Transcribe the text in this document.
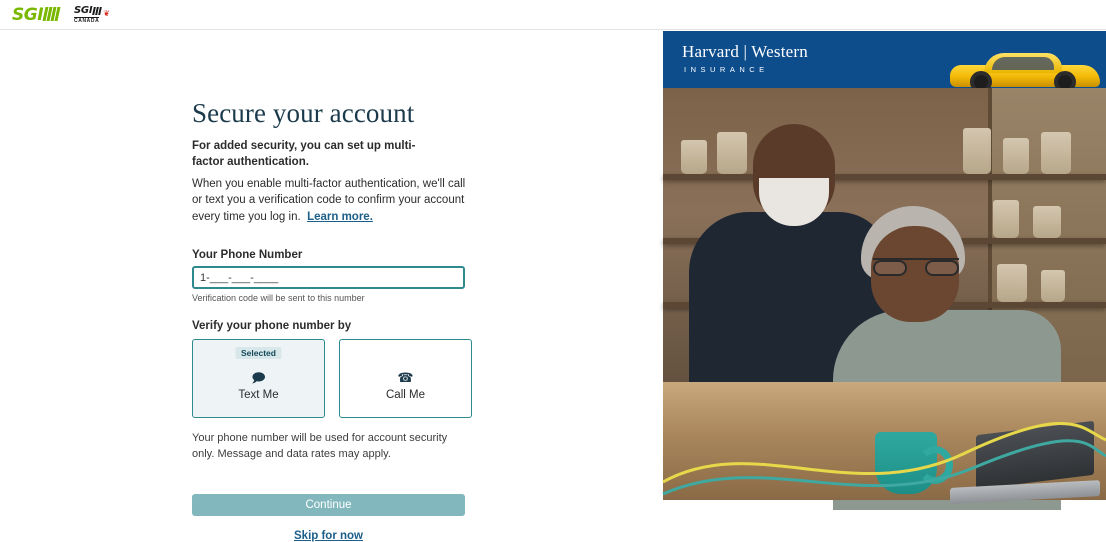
SGI	SGI
CANADA
❦
Secure your account

For added security, you can set up multi-factor authentication.

When you enable multi-factor authentication, we'll call or text you a verification code to confirm your account every time you log in. Learn more.

Your Phone Number
1-___-___-____
Verification code will be sent to this number
Verify your phone number by
Selected
🗩
Text Me
☎
Call Me

Your phone number will be used for account security only. Message and data rates may apply.

Continue
Skip for now
Harvard | Western
INSURANCE
